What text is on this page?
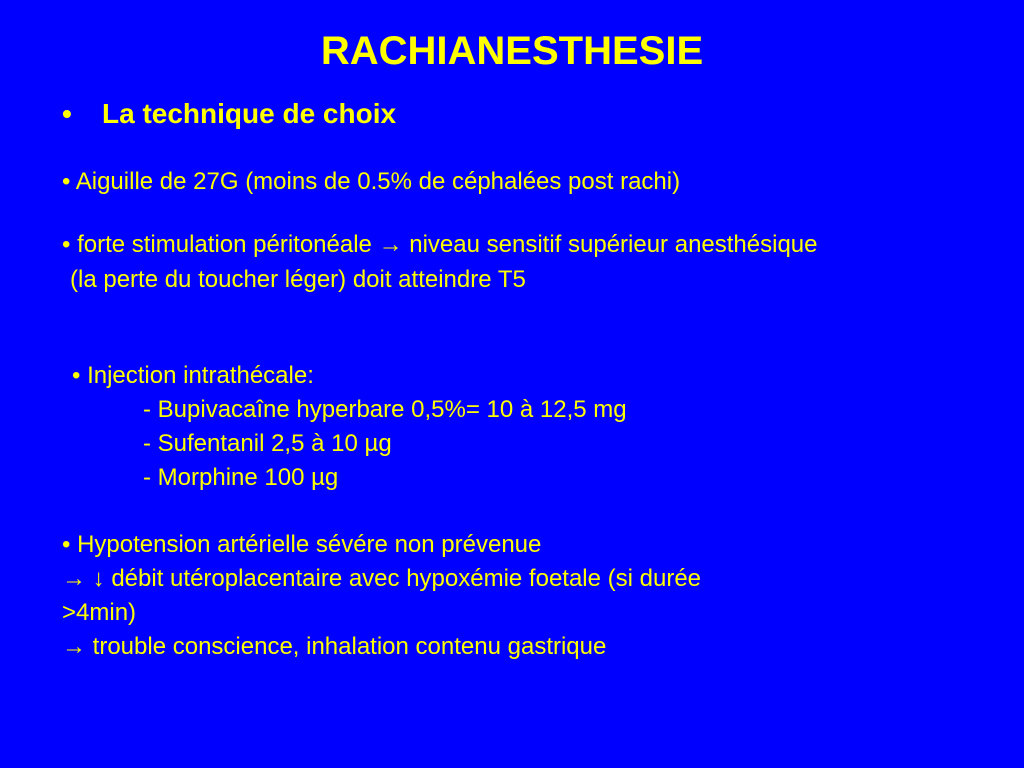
RACHIANESTHESIE
• La technique de choix
• Aiguille de 27G (moins de 0.5% de céphalées post rachi)
• forte stimulation péritonéale → niveau sensitif supérieur anesthésique
(la perte du toucher léger) doit atteindre T5
• Injection intrathécale:
- Bupivacaîne hyperbare 0,5%= 10 à 12,5 mg
- Sufentanil 2,5 à 10 µg
- Morphine 100 µg
• Hypotension artérielle sévére non prévenue
→ ↓ débit utéroplacentaire avec hypoxémie foetale (si durée
>4min)
→ trouble conscience, inhalation contenu gastrique
